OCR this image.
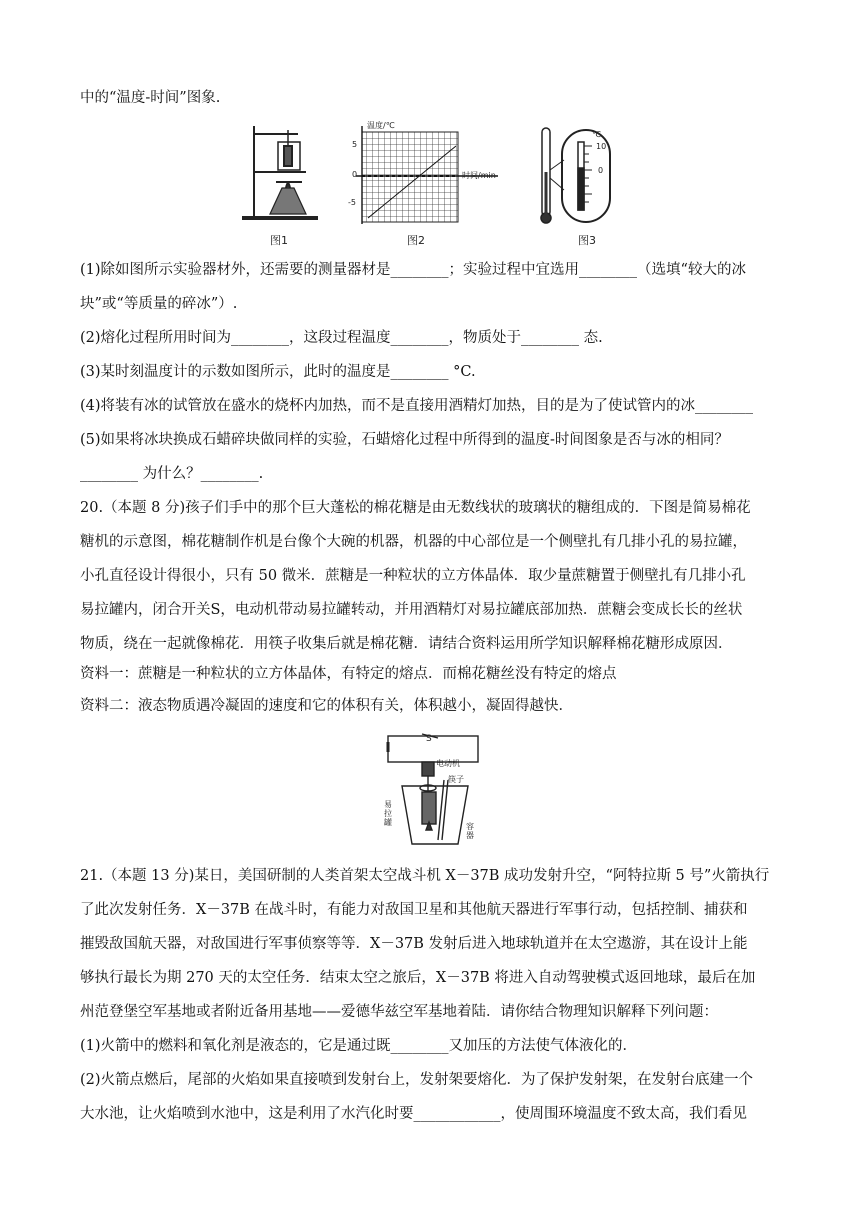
中的“温度-时间”图象.
图1
温度/℃
时间/min
5
0
-5
图2
℃
10
0
图3
(1)除如图所示实验器材外，还需要的测量器材是________；实验过程中宜选用________（选填“较大的冰
块”或“等质量的碎冰”）.
(2)熔化过程所用时间为________，这段过程温度________，物质处于________ 态.
(3)某时刻温度计的示数如图所示，此时的温度是________ °C.
(4)将装有冰的试管放在盛水的烧杯内加热，而不是直接用酒精灯加热，目的是为了使试管内的冰________
(5)如果将冰块换成石蜡碎块做同样的实验，石蜡熔化过程中所得到的温度-时间图象是否与冰的相同？
________ 为什么？________.
20.（本题 8 分)孩子们手中的那个巨大蓬松的棉花糖是由无数线状的玻璃状的糖组成的．下图是简易棉花
糖机的示意图，棉花糖制作机是台像个大碗的机器，机器的中心部位是一个侧壁扎有几排小孔的易拉罐，
小孔直径设计得很小，只有 50 微米．蔗糖是一种粒状的立方体晶体．取少量蔗糖置于侧壁扎有几排小孔
易拉罐内，闭合开关S，电动机带动易拉罐转动，并用酒精灯对易拉罐底部加热．蔗糖会变成长长的丝状
物质，绕在一起就像棉花．用筷子收集后就是棉花糖．请结合资料运用所学知识解释棉花糖形成原因．
资料一：蔗糖是一种粒状的立方体晶体，有特定的熔点．而棉花糖丝没有特定的熔点
资料二：液态物质遇冷凝固的速度和它的体积有关，体积越小，凝固得越快．
S
电动机
筷子
易拉罐	容器
21.（本题 13 分)某日，美国研制的人类首架太空战斗机 X－37B 成功发射升空，“阿特拉斯 5 号”火箭执行
了此次发射任务．X－37B 在战斗时，有能力对敌国卫星和其他航天器进行军事行动，包括控制、捕获和
摧毁敌国航天器，对敌国进行军事侦察等等．X－37B 发射后进入地球轨道并在太空遨游，其在设计上能
够执行最长为期 270 天的太空任务．结束太空之旅后，X－37B 将进入自动驾驶模式返回地球，最后在加
州范登堡空军基地或者附近备用基地——爱德华兹空军基地着陆．请你结合物理知识解释下列问题：
(1)火箭中的燃料和氧化剂是液态的，它是通过既________又加压的方法使气体液化的．
(2)火箭点燃后，尾部的火焰如果直接喷到发射台上，发射架要熔化．为了保护发射架，在发射台底建一个
大水池，让火焰喷到水池中，这是利用了水汽化时要____________，使周围环境温度不致太高，我们看见
